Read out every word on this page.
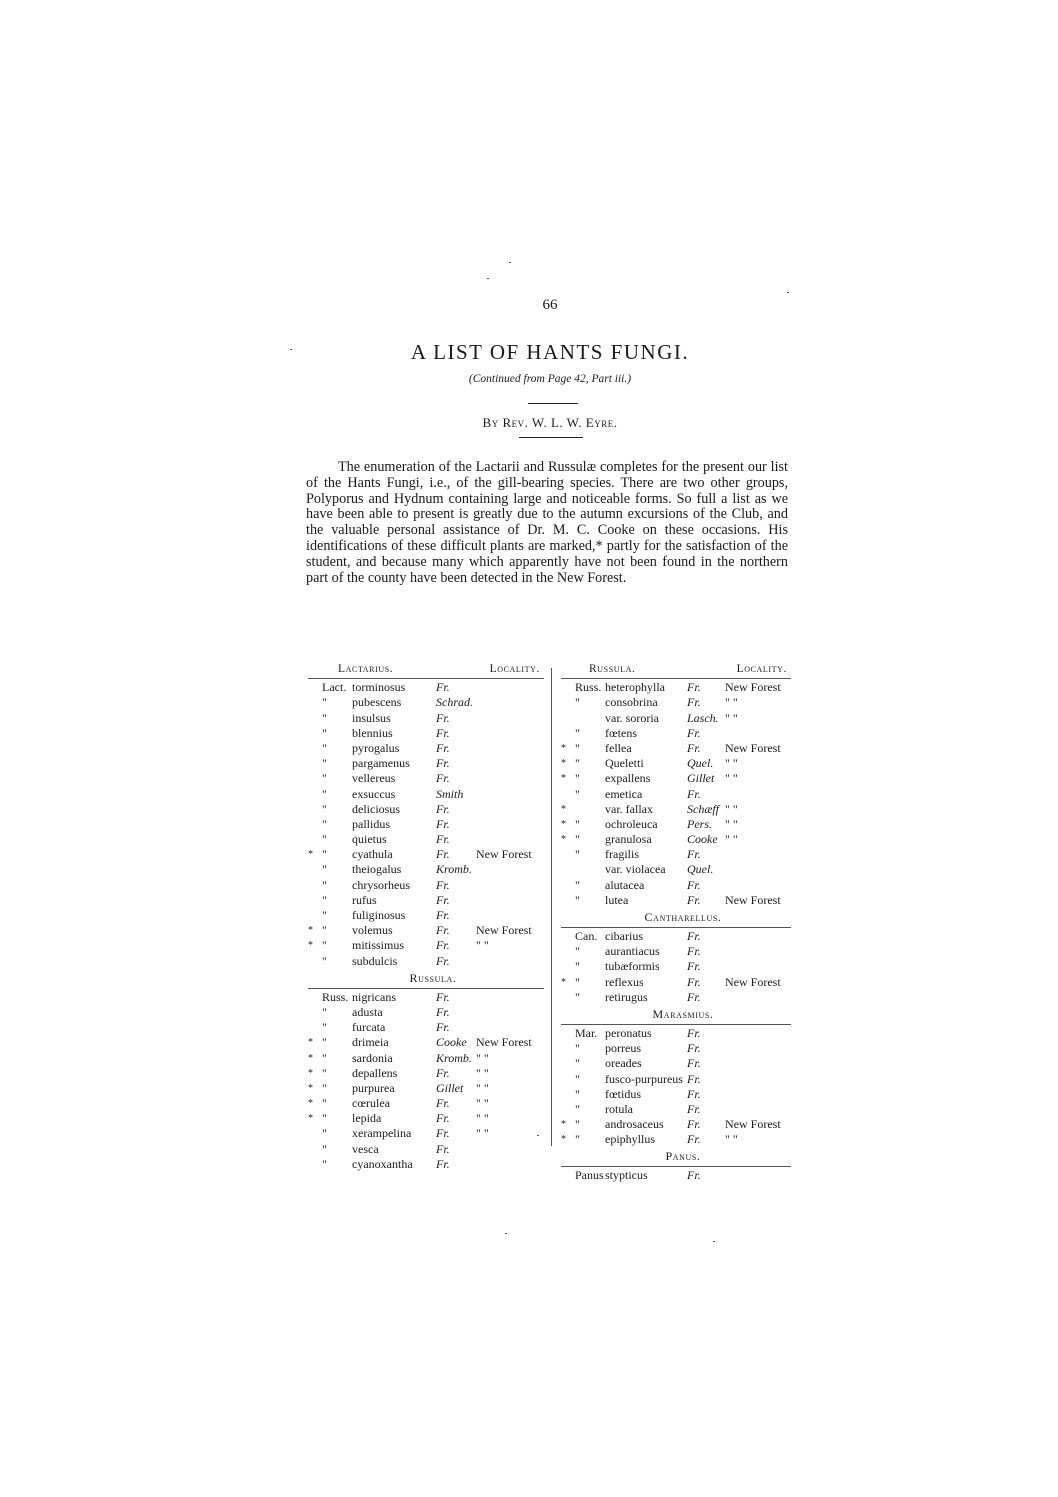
66
A LIST OF HANTS FUNGI.
(Continued from Page 42, Part iii.)
By Rev. W. L. W. Eyre.

The enumeration of the Lactarii and Russulæ completes for the present our list of the Hants Fungi, i.e., of the gill-bearing species. There are two other groups, Polyporus and Hydnum containing large and noticeable forms. So full a list as we have been able to present is greatly due to the autumn excursions of the Club, and the valuable personal assistance of Dr. M. C. Cooke on these occasions. His identifications of these difficult plants are marked,* partly for the satisfaction of the student, and because many which apparently have not been found in the northern part of the county have been detected in the New Forest.

Lactarius.	Locality.
Lact. torminosus	Fr.
"	pubescens	Schrad.
"	insulsus	Fr.
"	blennius	Fr.
"	pyrogalus	Fr.
"	pargamenus	Fr.
"	vellereus	Fr.
"	exsuccus	Smith
"	deliciosus	Fr.
"	pallidus	Fr.
"	quietus	Fr.
* "	cyathula	Fr.	New Forest
"	theiogalus	Kromb.
"	chrysorheus	Fr.
"	rufus	Fr.
"	fuliginosus	Fr.
* "	volemus	Fr.	New Forest
* "	mitissimus	Fr.	" "
"	subdulcis	Fr.
Russula.
Russ. nigricans	Fr.
"	adusta	Fr.
"	furcata	Fr.
* "	drimeia	Cooke New Forest
* "	sardonia	Kromb. " "
* "	depallens	Fr.	" "
* "	purpurea	Gillet	" "
* "	cœrulea	Fr.	" "
* "	lepida	Fr.	" "
"	xerampelina	Fr.	" "
"	vesca	Fr.
"	cyanoxantha	Fr.
Russula.	Locality.
Russ. heterophylla	Fr.	New Forest
"	consobrina	Fr.	" "
var. sororia	Lasch. " "
"	fœtens	Fr.
* "	fellea	Fr.	New Forest
* "	Queletti	Quel. " "
* "	expallens	Gillet " "
"	emetica	Fr.
*	var. fallax	Schæff " "
* "	ochroleuca	Pers.	" "
* "	granulosa	Cooke " "
"	fragilis	Fr.
var. violacea	Quel.
"	alutacea	Fr.
"	lutea	Fr.	New Forest
Cantharellus.
Can. cibarius	Fr.
"	aurantiacus	Fr.
"	tubæformis	Fr.
* "	reflexus	Fr.	New Forest
"	retirugus	Fr.
Marasmius.
Mar. peronatus	Fr.
"	porreus	Fr.
"	oreades	Fr.
"	fusco-purpureus Fr.
"	fœtidus	Fr.
"	rotula	Fr.
* "	androsaceus	Fr.	New Forest
* "	epiphyllus	Fr.	" "
Panus.
Panus stypticus	Fr.
